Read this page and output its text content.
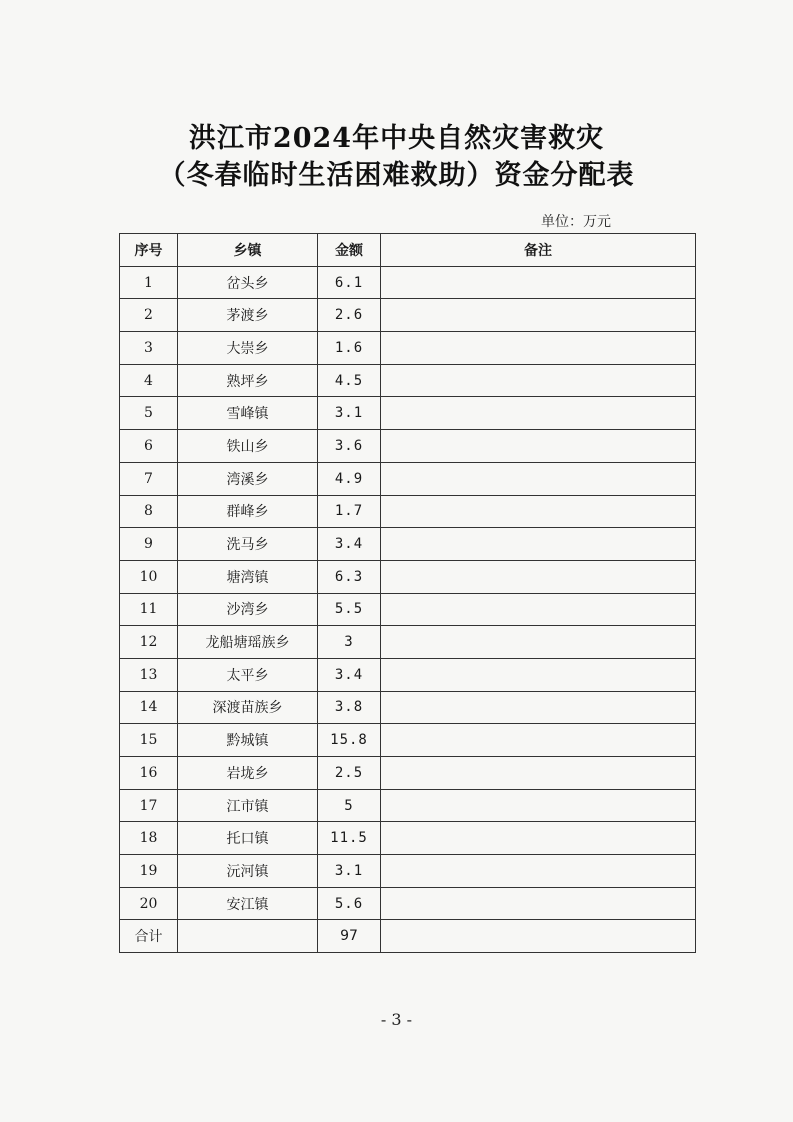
洪江市2024年中央自然灾害救灾
（冬春临时生活困难救助）资金分配表
单位：万元
序号	乡镇	金额	备注
1	岔头乡	6.1	
2	茅渡乡	2.6	
3	大崇乡	1.6	
4	熟坪乡	4.5	
5	雪峰镇	3.1	
6	铁山乡	3.6	
7	湾溪乡	4.9	
8	群峰乡	1.7	
9	洗马乡	3.4	
10	塘湾镇	6.3	
11	沙湾乡	5.5	
12	龙船塘瑶族乡	3	
13	太平乡	3.4	
14	深渡苗族乡	3.8	
15	黔城镇	15.8	
16	岩垅乡	2.5	
17	江市镇	5	
18	托口镇	11.5	
19	沅河镇	3.1	
20	安江镇	5.6	
合计		97	
- 3 -
